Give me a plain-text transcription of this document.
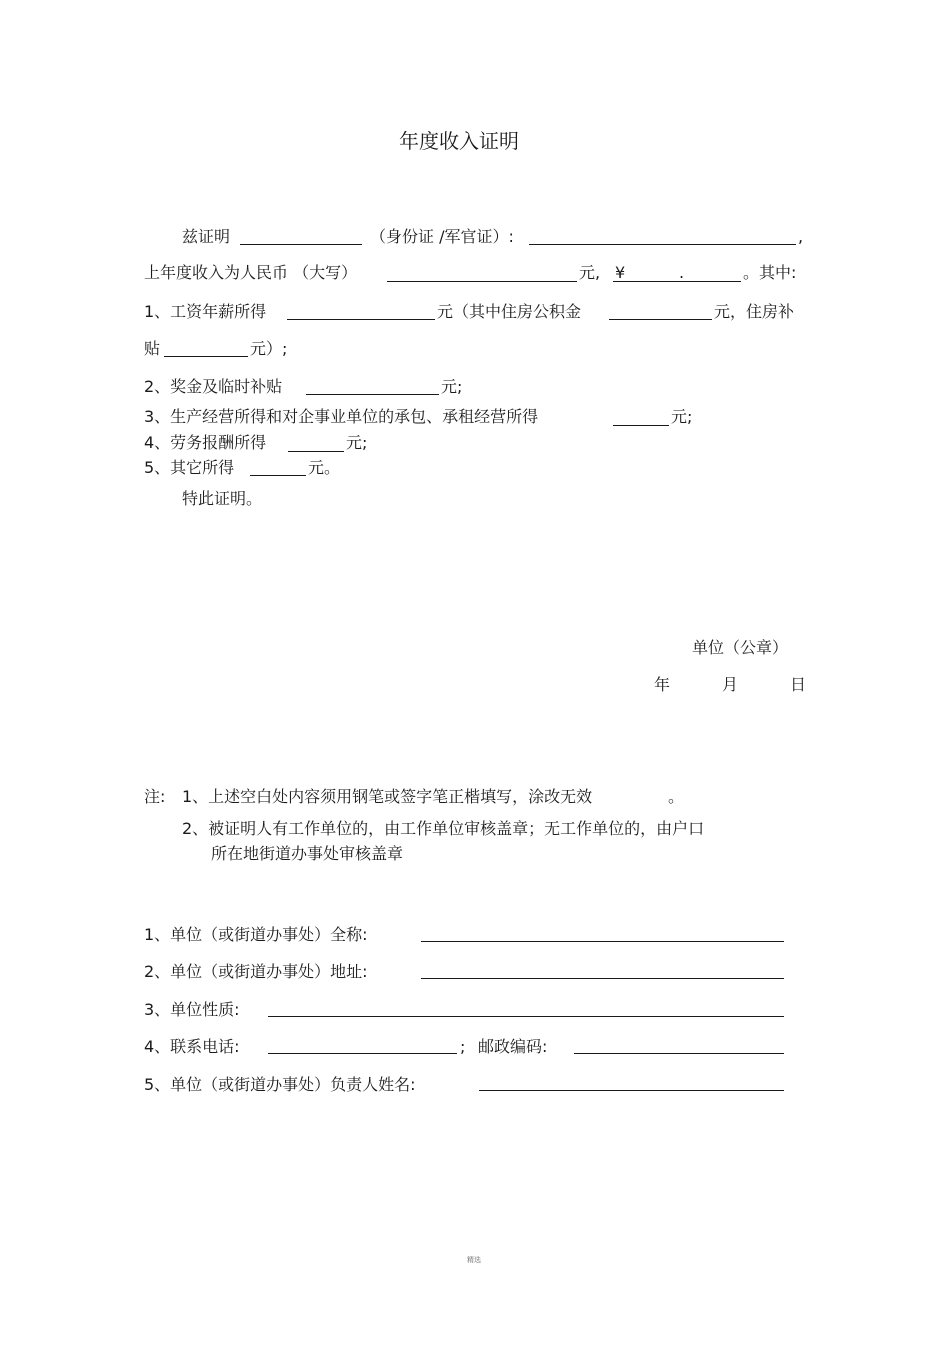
年度收入证明
兹证明	（身份证 /军官证）:	,
上年度收入为人民币 （大写）	元, ¥	.	。其中:
1、工资年薪所得	元（其中住房公积金	元，住房补
贴	元）;
2、奖金及临时补贴	元;
3、生产经营所得和对企事业单位的承包、承租经营所得	元;
4、劳务报酬所得	元;
5、其它所得	元。
特此证明。
单位（公章）
年	月	日
注: 1、上述空白处内容须用钢笔或签字笔正楷填写，涂改无效	。
2、被证明人有工作单位的，由工作单位审核盖章；无工作单位的，由户口
所在地街道办事处审核盖章
1、单位（或街道办事处）全称:
2、单位（或街道办事处）地址:
3、单位性质:
4、联系电话:	; 邮政编码:
5、单位（或街道办事处）负责人姓名:
精选
